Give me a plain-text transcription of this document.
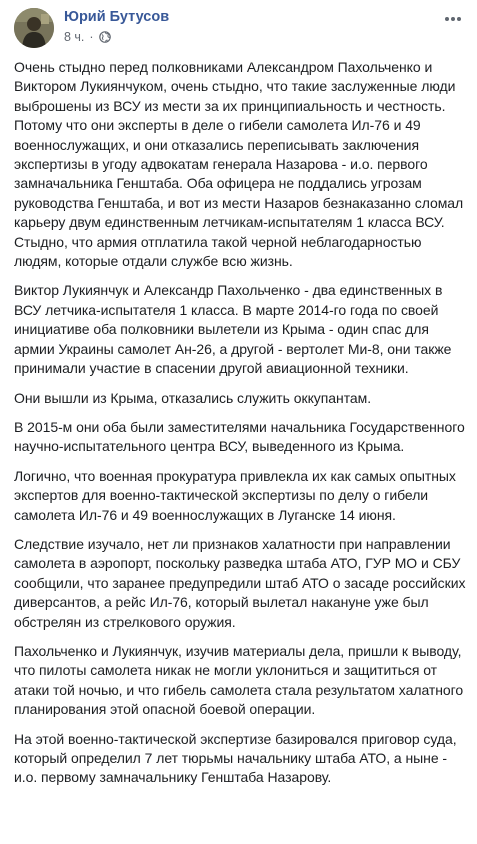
Юрий Бутусов
8 ч. ·

Очень стыдно перед полковниками Александром Пахольченко и Виктором Лукиянчуком, очень стыдно, что такие заслуженные люди выброшены из ВСУ из мести за их принципиальность и честность. Потому что они эксперты в деле о гибели самолета Ил-76 и 49 военнослужащих, и они отказались переписывать заключения экспертизы в угоду адвокатам генерала Назарова - и.о. первого замначальника Генштаба. Оба офицера не поддались угрозам руководства Генштаба, и вот из мести Назаров безнаказанно сломал карьеру двум единственным летчикам-испытателям 1 класса ВСУ. Стыдно, что армия отплатила такой черной неблагодарностью людям, которые отдали службе всю жизнь.

Виктор Лукиянчук и Александр Пахольченко - два единственных в ВСУ летчика-испытателя 1 класса. В марте 2014-го года по своей инициативе оба полковники вылетели из Крыма - один спас для армии Украины самолет Ан-26, а другой - вертолет Ми-8, они также принимали участие в спасении другой авиационной техники.

Они вышли из Крыма, отказались служить оккупантам.

В 2015-м они оба были заместителями начальника Государственного научно-испытательного центра ВСУ, выведенного из Крыма.

Логично, что военная прокуратура привлекла их как самых опытных экспертов для военно-тактической экспертизы по делу о гибели самолета Ил-76 и 49 военнослужащих в Луганске 14 июня.

Следствие изучало, нет ли признаков халатности при направлении самолета в аэропорт, поскольку разведка штаба АТО, ГУР МО и СБУ сообщили, что заранее предупредили штаб АТО о засаде российских диверсантов, а рейс Ил-76, который вылетал накануне уже был обстрелян из стрелкового оружия.

Пахольченко и Лукиянчук, изучив материалы дела, пришли к выводу, что пилоты самолета никак не могли уклониться и защититься от атаки той ночью, и что гибель самолета стала результатом халатного планирования этой опасной боевой операции.

На этой военно-тактической экспертизе базировался приговор суда, который определил 7 лет тюрьмы начальнику штаба АТО, а ныне - и.о. первому замначальнику Генштаба Назарову.
